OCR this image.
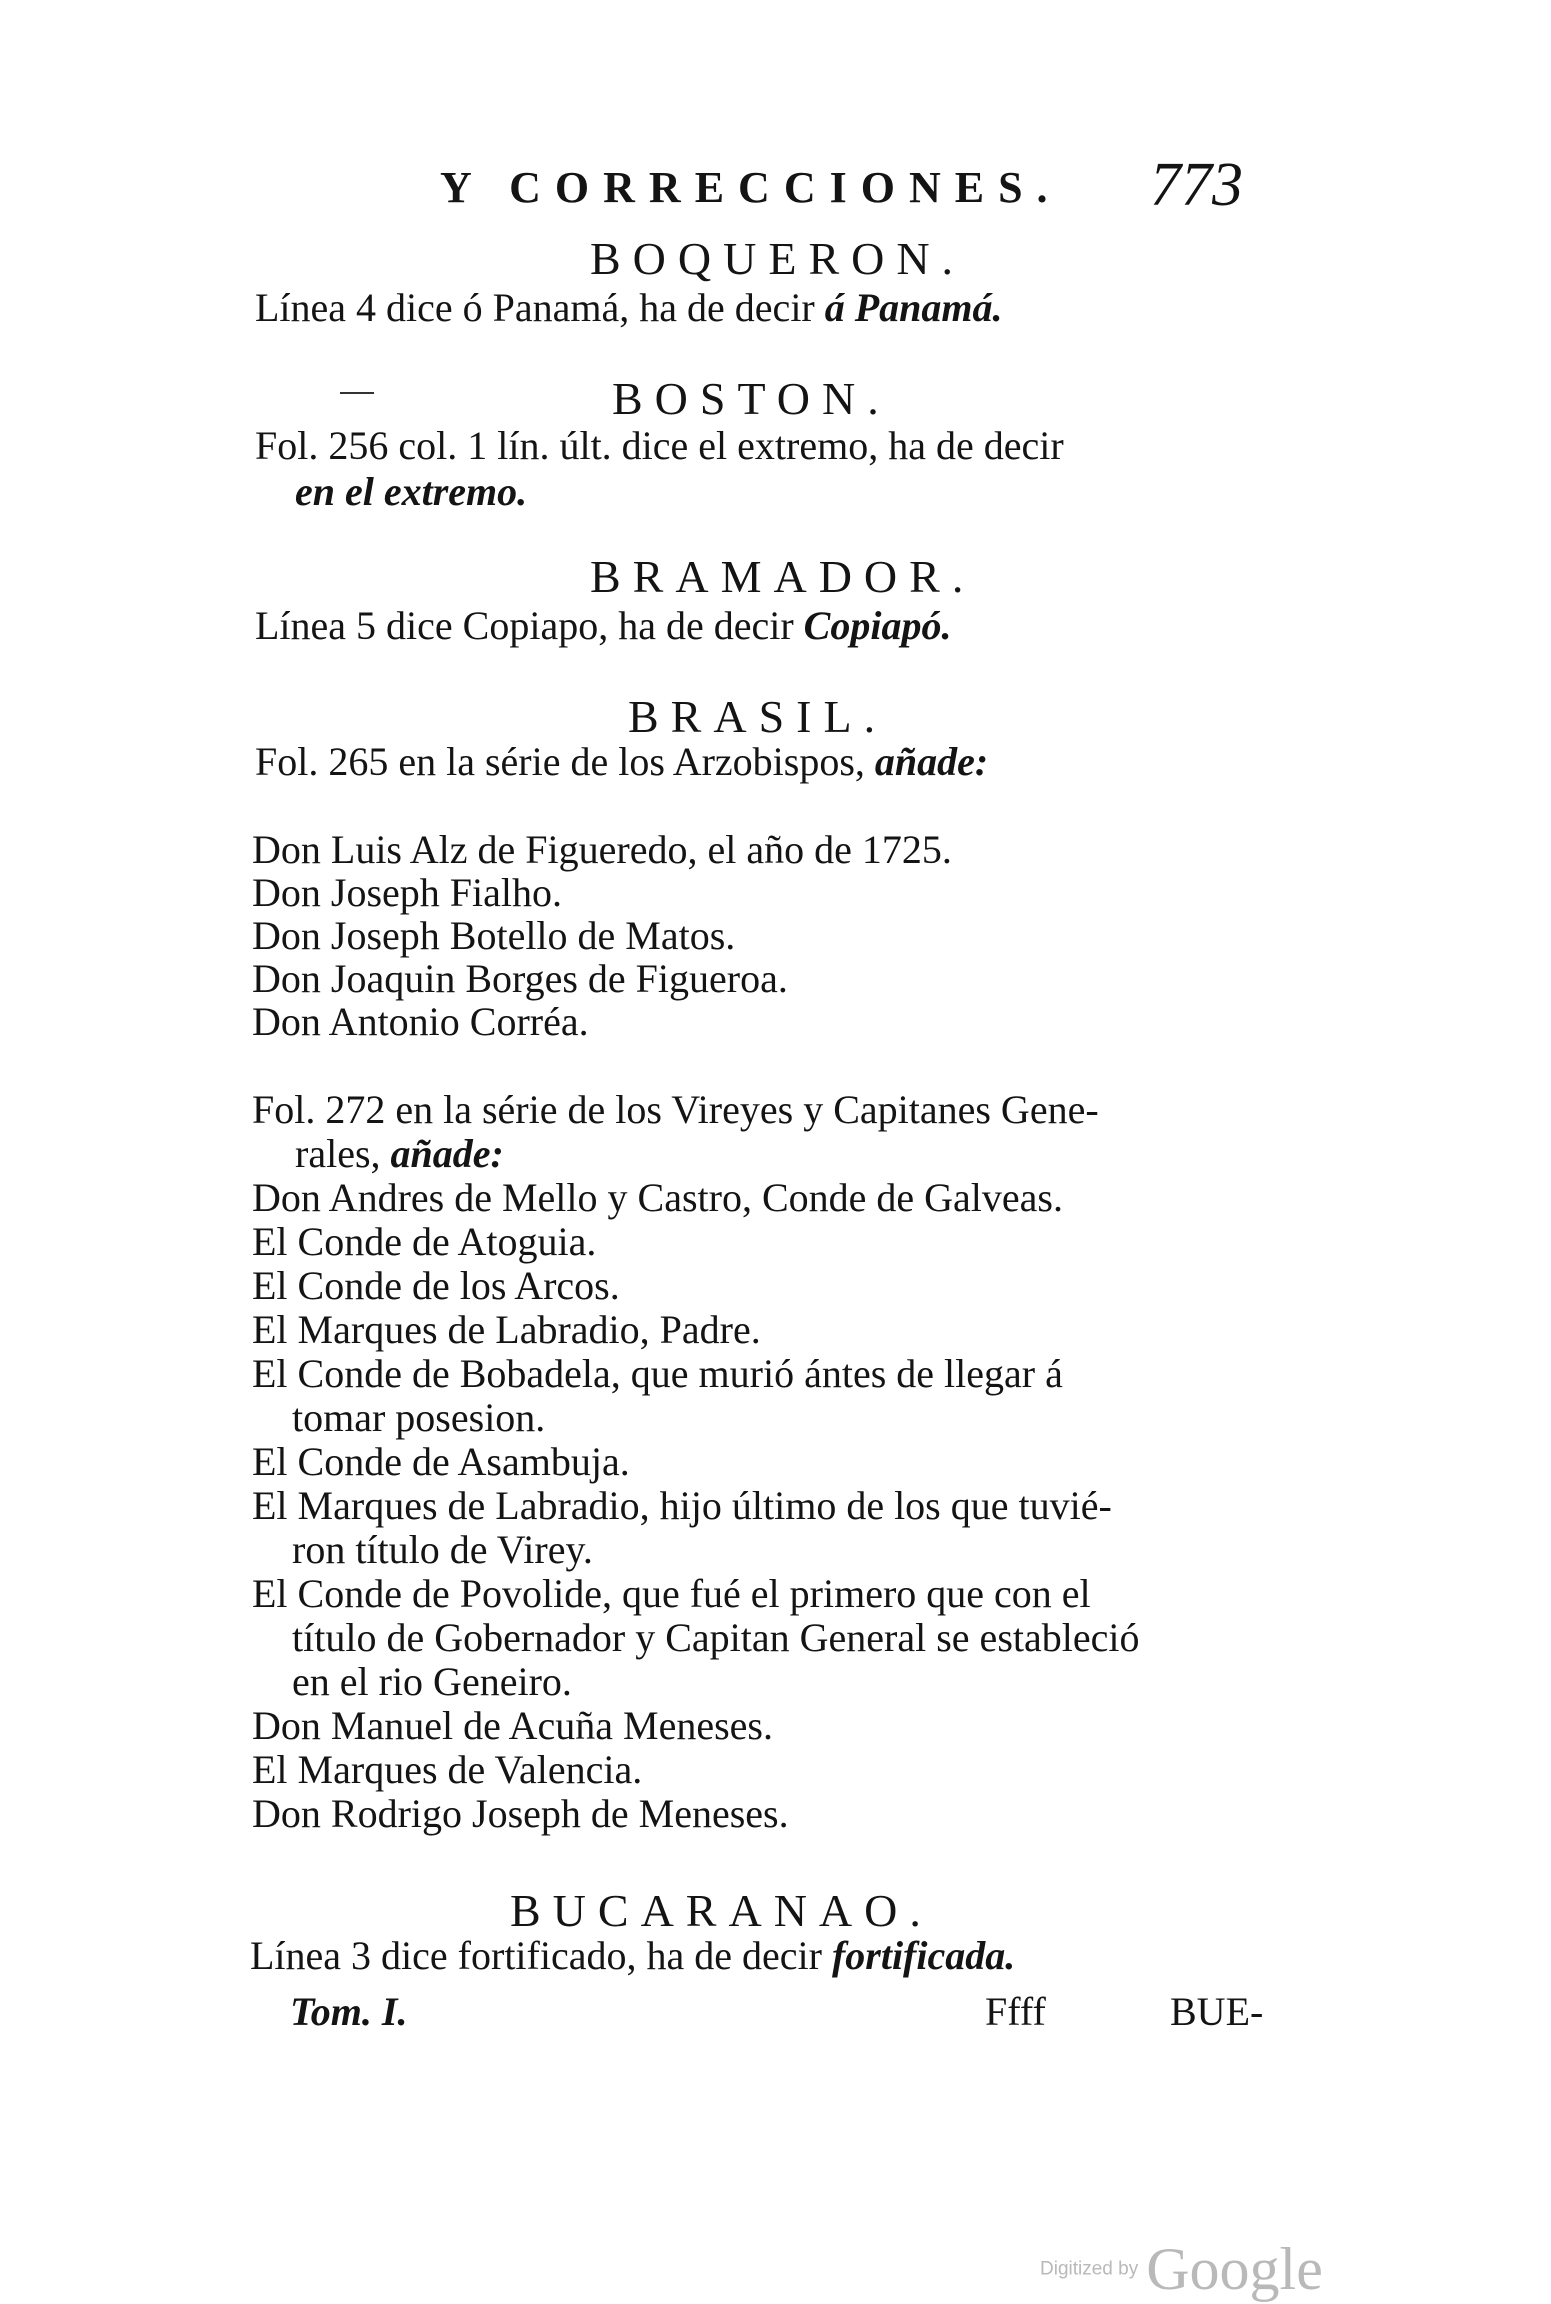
Y CORRECCIONES. 773
BOQUERON.
Línea 4 dice ó Panamá, ha de decir á Panamá.
BOSTON.
Fol. 256 col. 1 lín. últ. dice el extremo, ha de decir
en el extremo.
BRAMADOR.
Línea 5 dice Copiapo, ha de decir Copiapó.
BRASIL.
Fol. 265 en la série de los Arzobispos, añade:
Don Luis Alz de Figueredo, el año de 1725.
Don Joseph Fialho.
Don Joseph Botello de Matos.
Don Joaquin Borges de Figueroa.
Don Antonio Corréa.
Fol. 272 en la série de los Vireyes y Capitanes Gene-
rales, añade:
Don Andres de Mello y Castro, Conde de Galveas.
El Conde de Atoguia.
El Conde de los Arcos.
El Marques de Labradio, Padre.
El Conde de Bobadela, que murió ántes de llegar á
tomar posesion.
El Conde de Asambuja.
El Marques de Labradio, hijo último de los que tuvié-
ron título de Virey.
El Conde de Povolide, que fué el primero que con el
título de Gobernador y Capitan General se estableció
en el rio Geneiro.
Don Manuel de Acuña Meneses.
El Marques de Valencia.
Don Rodrigo Joseph de Meneses.
BUCARANAO.
Línea 3 dice fortificado, ha de decir fortificada.
Tom. I.	Ffff	BUE-
Digitized by Google
